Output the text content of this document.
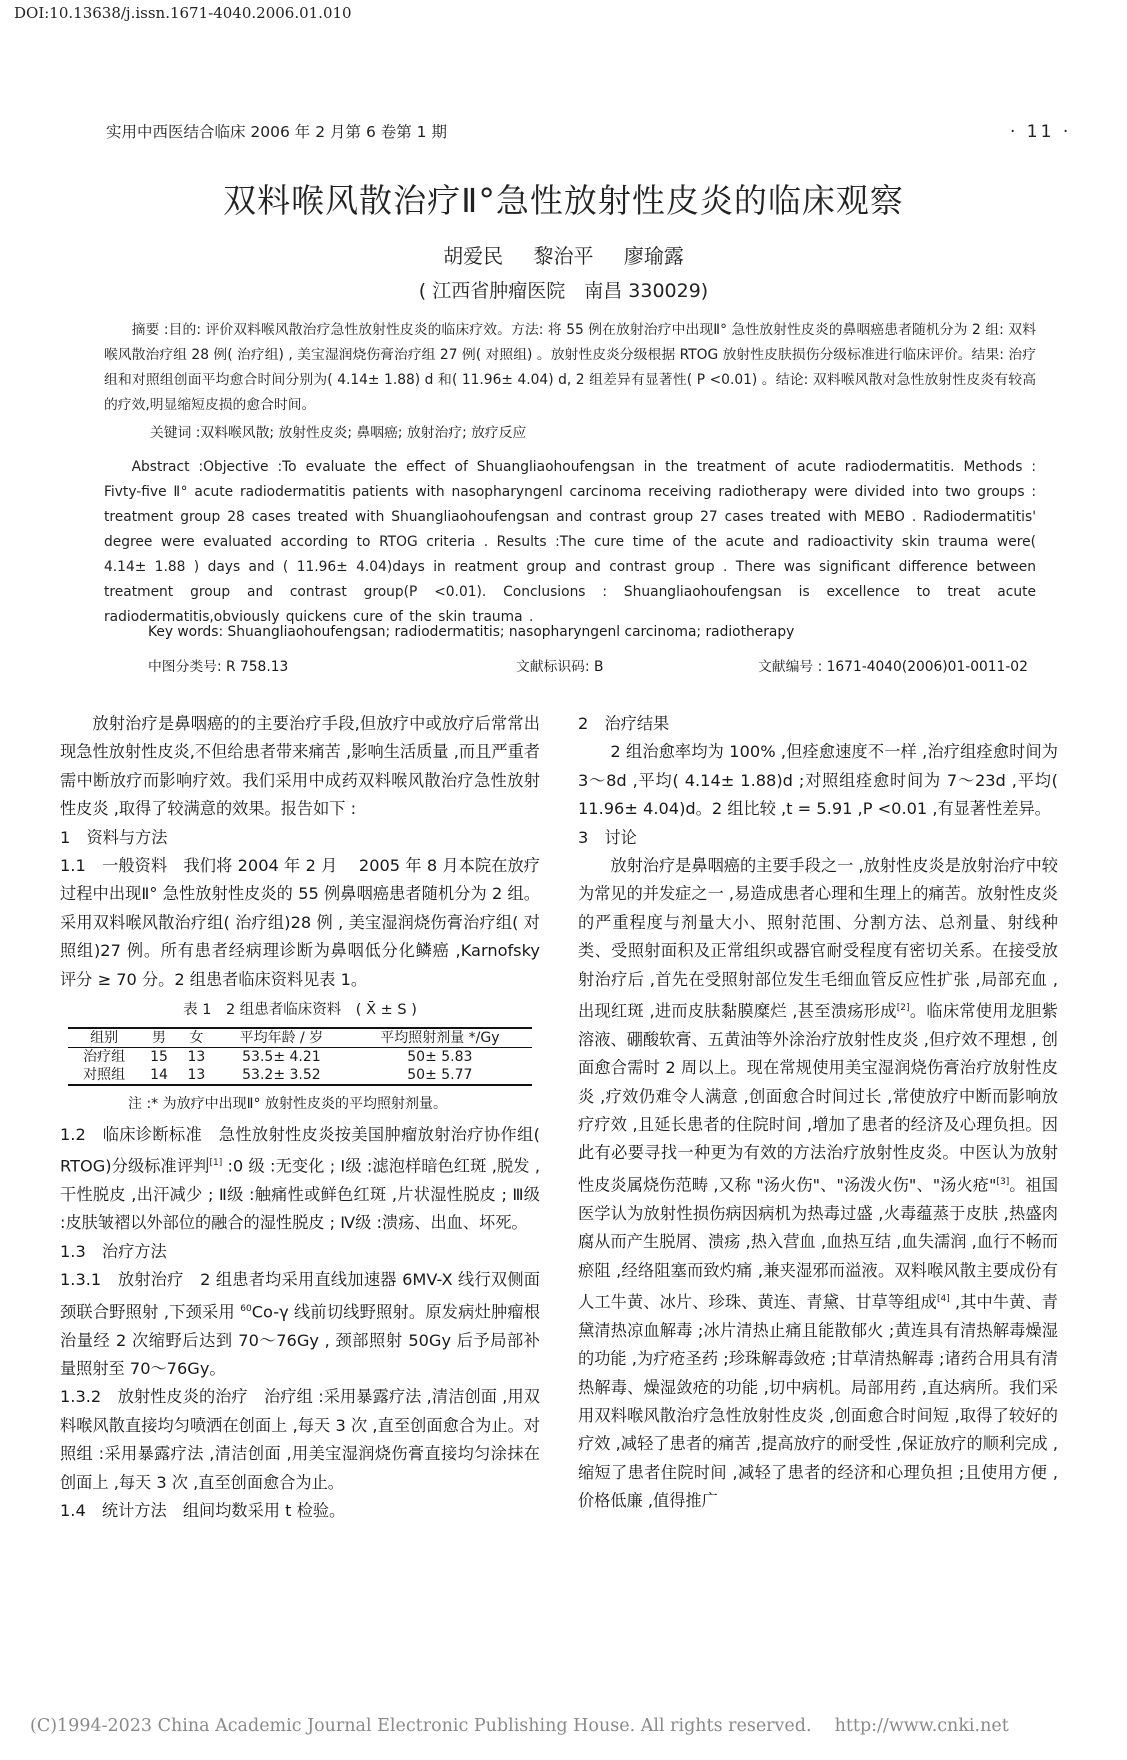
DOI:10.13638/j.issn.1671-4040.2006.01.010
实用中西医结合临床 2006 年 2 月第 6 卷第 1 期	· 11 ·
双料喉风散治疗Ⅱ°急性放射性皮炎的临床观察
胡爱民 黎治平 廖瑜露
( 江西省肿瘤医院　南昌 330029)

摘要 :目的: 评价双料喉风散治疗急性放射性皮炎的临床疗效。方法: 将 55 例在放射治疗中出现Ⅱ° 急性放射性皮炎的鼻咽癌患者随机分为 2 组: 双料喉风散治疗组 28 例( 治疗组) , 美宝湿润烧伤膏治疗组 27 例( 对照组) 。放射性皮炎分级根据 RTOG 放射性皮肤损伤分级标准进行临床评价。结果: 治疗组和对照组创面平均愈合时间分别为( 4.14± 1.88) d 和( 11.96± 4.04) d, 2 组差异有显著性( P <0.01) 。结论: 双料喉风散对急性放射性皮炎有较高的疗效,明显缩短皮损的愈合时间。

关键词 :双料喉风散; 放射性皮炎; 鼻咽癌; 放射治疗; 放疗反应

Abstract :Objective :To evaluate the effect of Shuangliaohoufengsan in the treatment of acute radiodermatitis. Methods : Fivty-five Ⅱ° acute radiodermatitis patients with nasopharyngenl carcinoma receiving radiotherapy were divided into two groups : treatment group 28 cases treated with Shuangliaohoufengsan and contrast group 27 cases treated with MEBO . Radiodermatitis' degree were evaluated according to RTOG criteria . Results :The cure time of the acute and radioactivity skin trauma were( 4.14± 1.88 ) days and ( 11.96± 4.04)days in reatment group and contrast group . There was significant difference between treatment group and contrast group(P <0.01). Conclusions : Shuangliaohoufengsan is excellence to treat acute radiodermatitis,obviously quickens cure of the skin trauma .

Key words: Shuangliaohoufengsan; radiodermatitis; nasopharyngenl carcinoma; radiotherapy
中图分类号: R 758.13	文献标识码: B	文献编号 : 1671-4040(2006)01-0011-02

放射治疗是鼻咽癌的的主要治疗手段,但放疗中或放疗后常常出现急性放射性皮炎,不但给患者带来痛苦 ,影响生活质量 ,而且严重者需中断放疗而影响疗效。我们采用中成药双料喉风散治疗急性放射性皮炎 ,取得了较满意的效果。报告如下 :

1　资料与方法

1.1　一般资料　我们将 2004 年 2 月 　2005 年 8 月本院在放疗过程中出现Ⅱ° 急性放射性皮炎的 55 例鼻咽癌患者随机分为 2 组。采用双料喉风散治疗组( 治疗组)28 例 , 美宝湿润烧伤膏治疗组( 对照组)27 例。所有患者经病理诊断为鼻咽低分化鳞癌 ,Karnofsky 评分 ≥ 70 分。2 组患者临床资料见表 1。

表 1　2 组患者临床资料　( X̄ ± S )
组别	男	女	平均年龄 / 岁	平均照射剂量 */Gy
治疗组	15	13	53.5± 4.21	50± 5.83
对照组	14	13	53.2± 3.52	50± 5.77
注 :* 为放疗中出现Ⅱ° 放射性皮炎的平均照射剂量。

1.2　临床诊断标准　急性放射性皮炎按美国肿瘤放射治疗协作组( RTOG)分级标准评判[1] :0 级 :无变化 ; Ⅰ级 :滤泡样暗色红斑 ,脱发 ,干性脱皮 ,出汗减少 ; Ⅱ级 :触痛性或鲜色红斑 ,片状湿性脱皮 ; Ⅲ级 :皮肤皱褶以外部位的融合的湿性脱皮 ; Ⅳ级 :溃疡、出血、坏死。

1.3　治疗方法

1.3.1　放射治疗　2 组患者均采用直线加速器 6MV-X 线行双侧面颈联合野照射 ,下颈采用 $^{60}$Co-γ 线前切线野照射。原发病灶肿瘤根治量经 2 次缩野后达到 70～76Gy , 颈部照射 50Gy 后予局部补量照射至 70～76Gy。

1.3.2　放射性皮炎的治疗　治疗组 :采用暴露疗法 ,清洁创面 ,用双料喉风散直接均匀喷洒在创面上 ,每天 3 次 ,直至创面愈合为止。对照组 :采用暴露疗法 ,清洁创面 ,用美宝湿润烧伤膏直接均匀涂抹在创面上 ,每天 3 次 ,直至创面愈合为止。

1.4　统计方法　组间均数采用 t 检验。

2　治疗结果

2 组治愈率均为 100% ,但痊愈速度不一样 ,治疗组痊愈时间为 3～8d ,平均( 4.14± 1.88)d ;对照组痊愈时间为 7～23d ,平均( 11.96± 4.04)d。2 组比较 ,t = 5.91 ,P <0.01 ,有显著性差异。

3　讨论

放射治疗是鼻咽癌的主要手段之一 ,放射性皮炎是放射治疗中较为常见的并发症之一 ,易造成患者心理和生理上的痛苦。放射性皮炎的严重程度与剂量大小、照射范围、分割方法、总剂量、射线种类、受照射面积及正常组织或器官耐受程度有密切关系。在接受放射治疗后 ,首先在受照射部位发生毛细血管反应性扩张 ,局部充血 ,出现红斑 ,进而皮肤黏膜糜烂 ,甚至溃疡形成[2]。临床常使用龙胆紫溶液、硼酸软膏、五黄油等外涂治疗放射性皮炎 ,但疗效不理想 , 创面愈合需时 2 周以上。现在常规使用美宝湿润烧伤膏治疗放射性皮炎 ,疗效仍难令人满意 ,创面愈合时间过长 ,常使放疗中断而影响放疗疗效 ,且延长患者的住院时间 ,增加了患者的经济及心理负担。因此有必要寻找一种更为有效的方法治疗放射性皮炎。中医认为放射性皮炎属烧伤范畴 ,又称 "汤火伤"、"汤泼火伤"、"汤火疮"[3]。祖国医学认为放射性损伤病因病机为热毒过盛 ,火毒蕴蒸于皮肤 ,热盛肉腐从而产生脱屑、溃疡 ,热入营血 ,血热互结 ,血失濡润 ,血行不畅而瘀阻 ,经络阻塞而致灼痛 ,兼夹湿邪而溢液。双料喉风散主要成份有人工牛黄、冰片、珍珠、黄连、青黛、甘草等组成[4] ,其中牛黄、青黛清热凉血解毒 ;冰片清热止痛且能散郁火 ;黄连具有清热解毒燥湿的功能 ,为疗疮圣药 ;珍珠解毒敛疮 ;甘草清热解毒 ;诸药合用具有清热解毒、燥湿敛疮的功能 ,切中病机。局部用药 ,直达病所。我们采用双料喉风散治疗急性放射性皮炎 ,创面愈合时间短 ,取得了较好的疗效 ,减轻了患者的痛苦 ,提高放疗的耐受性 ,保证放疗的顺利完成 ,缩短了患者住院时间 ,减轻了患者的经济和心理负担 ;且使用方便 ,价格低廉 ,值得推广

(C)1994-2023 China Academic Journal Electronic Publishing House. All rights reserved.　 http://www.cnki.net
